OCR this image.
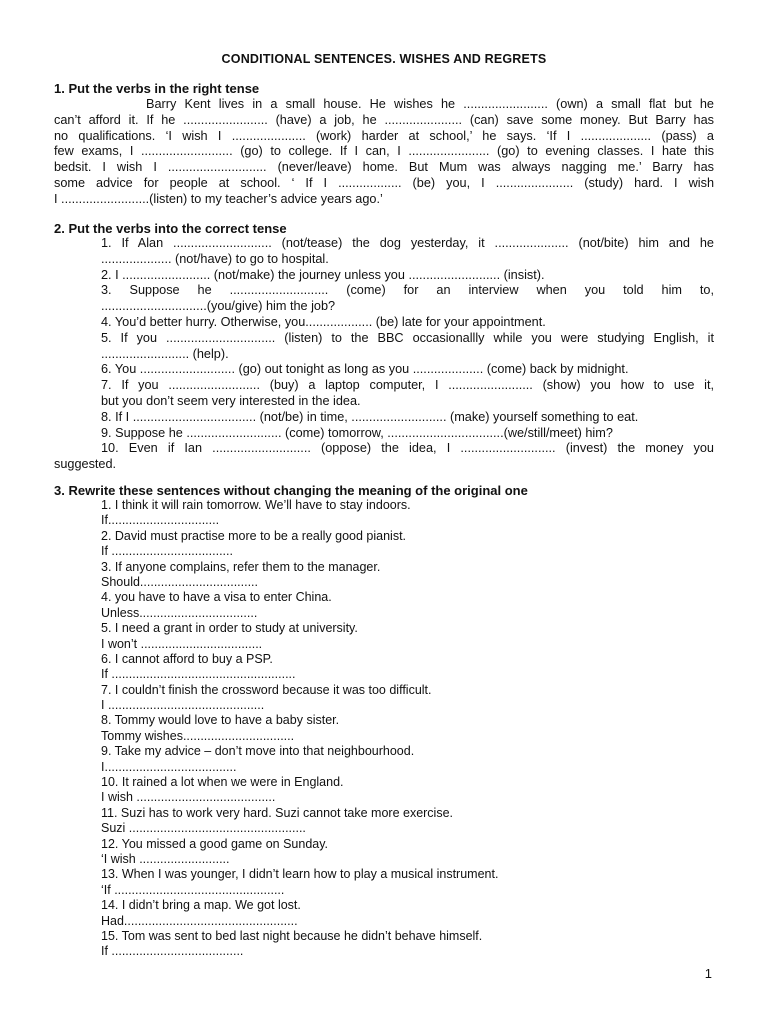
CONDITIONAL SENTENCES. WISHES AND REGRETS
1. Put the verbs in the right tense
Barry Kent lives in a small house. He wishes he ........................ (own) a small flat but he
can’t afford it. If he ........................ (have) a job, he ...................... (can) save some money. But Barry has
no qualifications. ‘I wish I ..................... (work) harder at school,’ he says. ‘If I .................... (pass) a
few exams, I .......................... (go) to college. If I can, I ....................... (go) to evening classes. I hate this
bedsit. I wish I ............................ (never/leave) home. But Mum was always nagging me.’ Barry has
some advice for people at school. ‘ If I .................. (be) you, I ...................... (study) hard. I wish
I .........................(listen) to my teacher’s advice years ago.’
2. Put the verbs into the correct tense
1. If Alan ............................ (not/tease) the dog yesterday, it ..................... (not/bite) him and he
.................... (not/have) to go to hospital.
2. I ......................... (not/make) the journey unless you .......................... (insist).
3. Suppose he ............................ (come) for an interview when you told him to,
..............................(you/give) him the job?
4. You’d better hurry. Otherwise, you................... (be) late for your appointment.
5. If you ............................... (listen) to the BBC occasionallly while you were studying English, it
......................... (help).
6. You ........................... (go) out tonight as long as you .................... (come) back by midnight.
7. If you .......................... (buy) a laptop computer, I ........................ (show) you how to use it,
but you don’t seem very interested in the idea.
8. If I ................................... (not/be) in time, ........................... (make) yourself something to eat.
9. Suppose he ........................... (come) tomorrow, .................................(we/still/meet) him?
10. Even if Ian ............................ (oppose) the idea, I ........................... (invest) the money you
suggested.
3. Rewrite these sentences without changing the meaning of the original one
1. I think it will rain tomorrow. We’ll have to stay indoors.
If................................
2. David must practise more to be a really good pianist.
If ...................................
3. If anyone complains, refer them to the manager.
Should..................................
4. you have to have a visa to enter China.
Unless..................................
5. I need a grant in order to study at university.
I won’t ...................................
6. I cannot afford to buy a PSP.
If .....................................................
7. I couldn’t finish the crossword because it was too difficult.
I .............................................
8. Tommy would love to have a baby sister.
Tommy wishes................................
9. Take my advice – don’t move into that neighbourhood.
I......................................
10. It rained a lot when we were in England.
I wish ........................................
11. Suzi has to work very hard. Suzi cannot take more exercise.
Suzi ...................................................
12. You missed a good game on Sunday.
‘I wish ..........................
13. When I was younger, I didn’t learn how to play a musical instrument.
‘If .................................................
14. I didn’t bring a map. We got lost.
Had..................................................
15. Tom was sent to bed last night because he didn’t behave himself.
If ......................................
1
